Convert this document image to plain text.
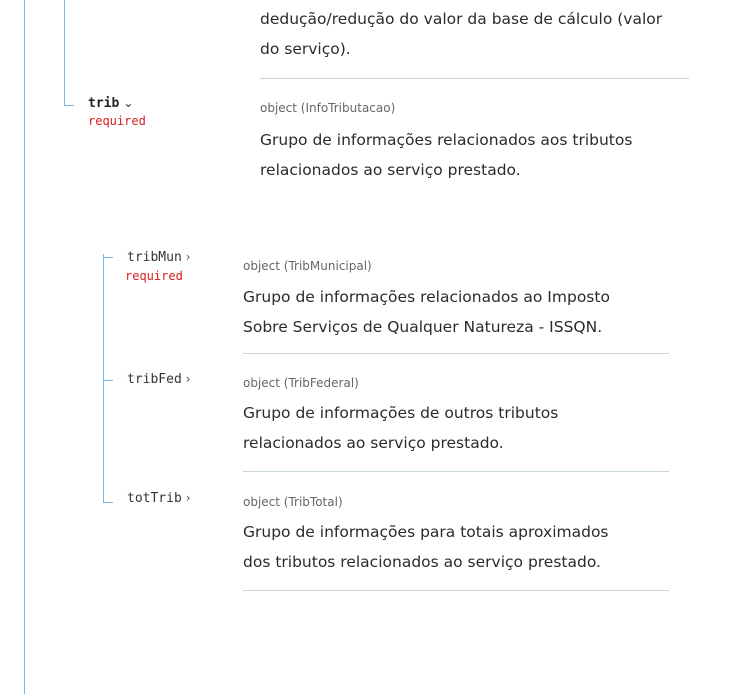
dedução/redução do valor da base de cálculo (valor
do serviço).
trib ⌄
required
object (InfoTributacao)
Grupo de informações relacionados aos tributos
relacionados ao serviço prestado.
tribMun ›
required
object (TribMunicipal)
Grupo de informações relacionados ao Imposto
Sobre Serviços de Qualquer Natureza - ISSQN.
tribFed ›	object (TribFederal)
Grupo de informações de outros tributos
relacionados ao serviço prestado.
totTrib ›	object (TribTotal)
Grupo de informações para totais aproximados
dos tributos relacionados ao serviço prestado.
